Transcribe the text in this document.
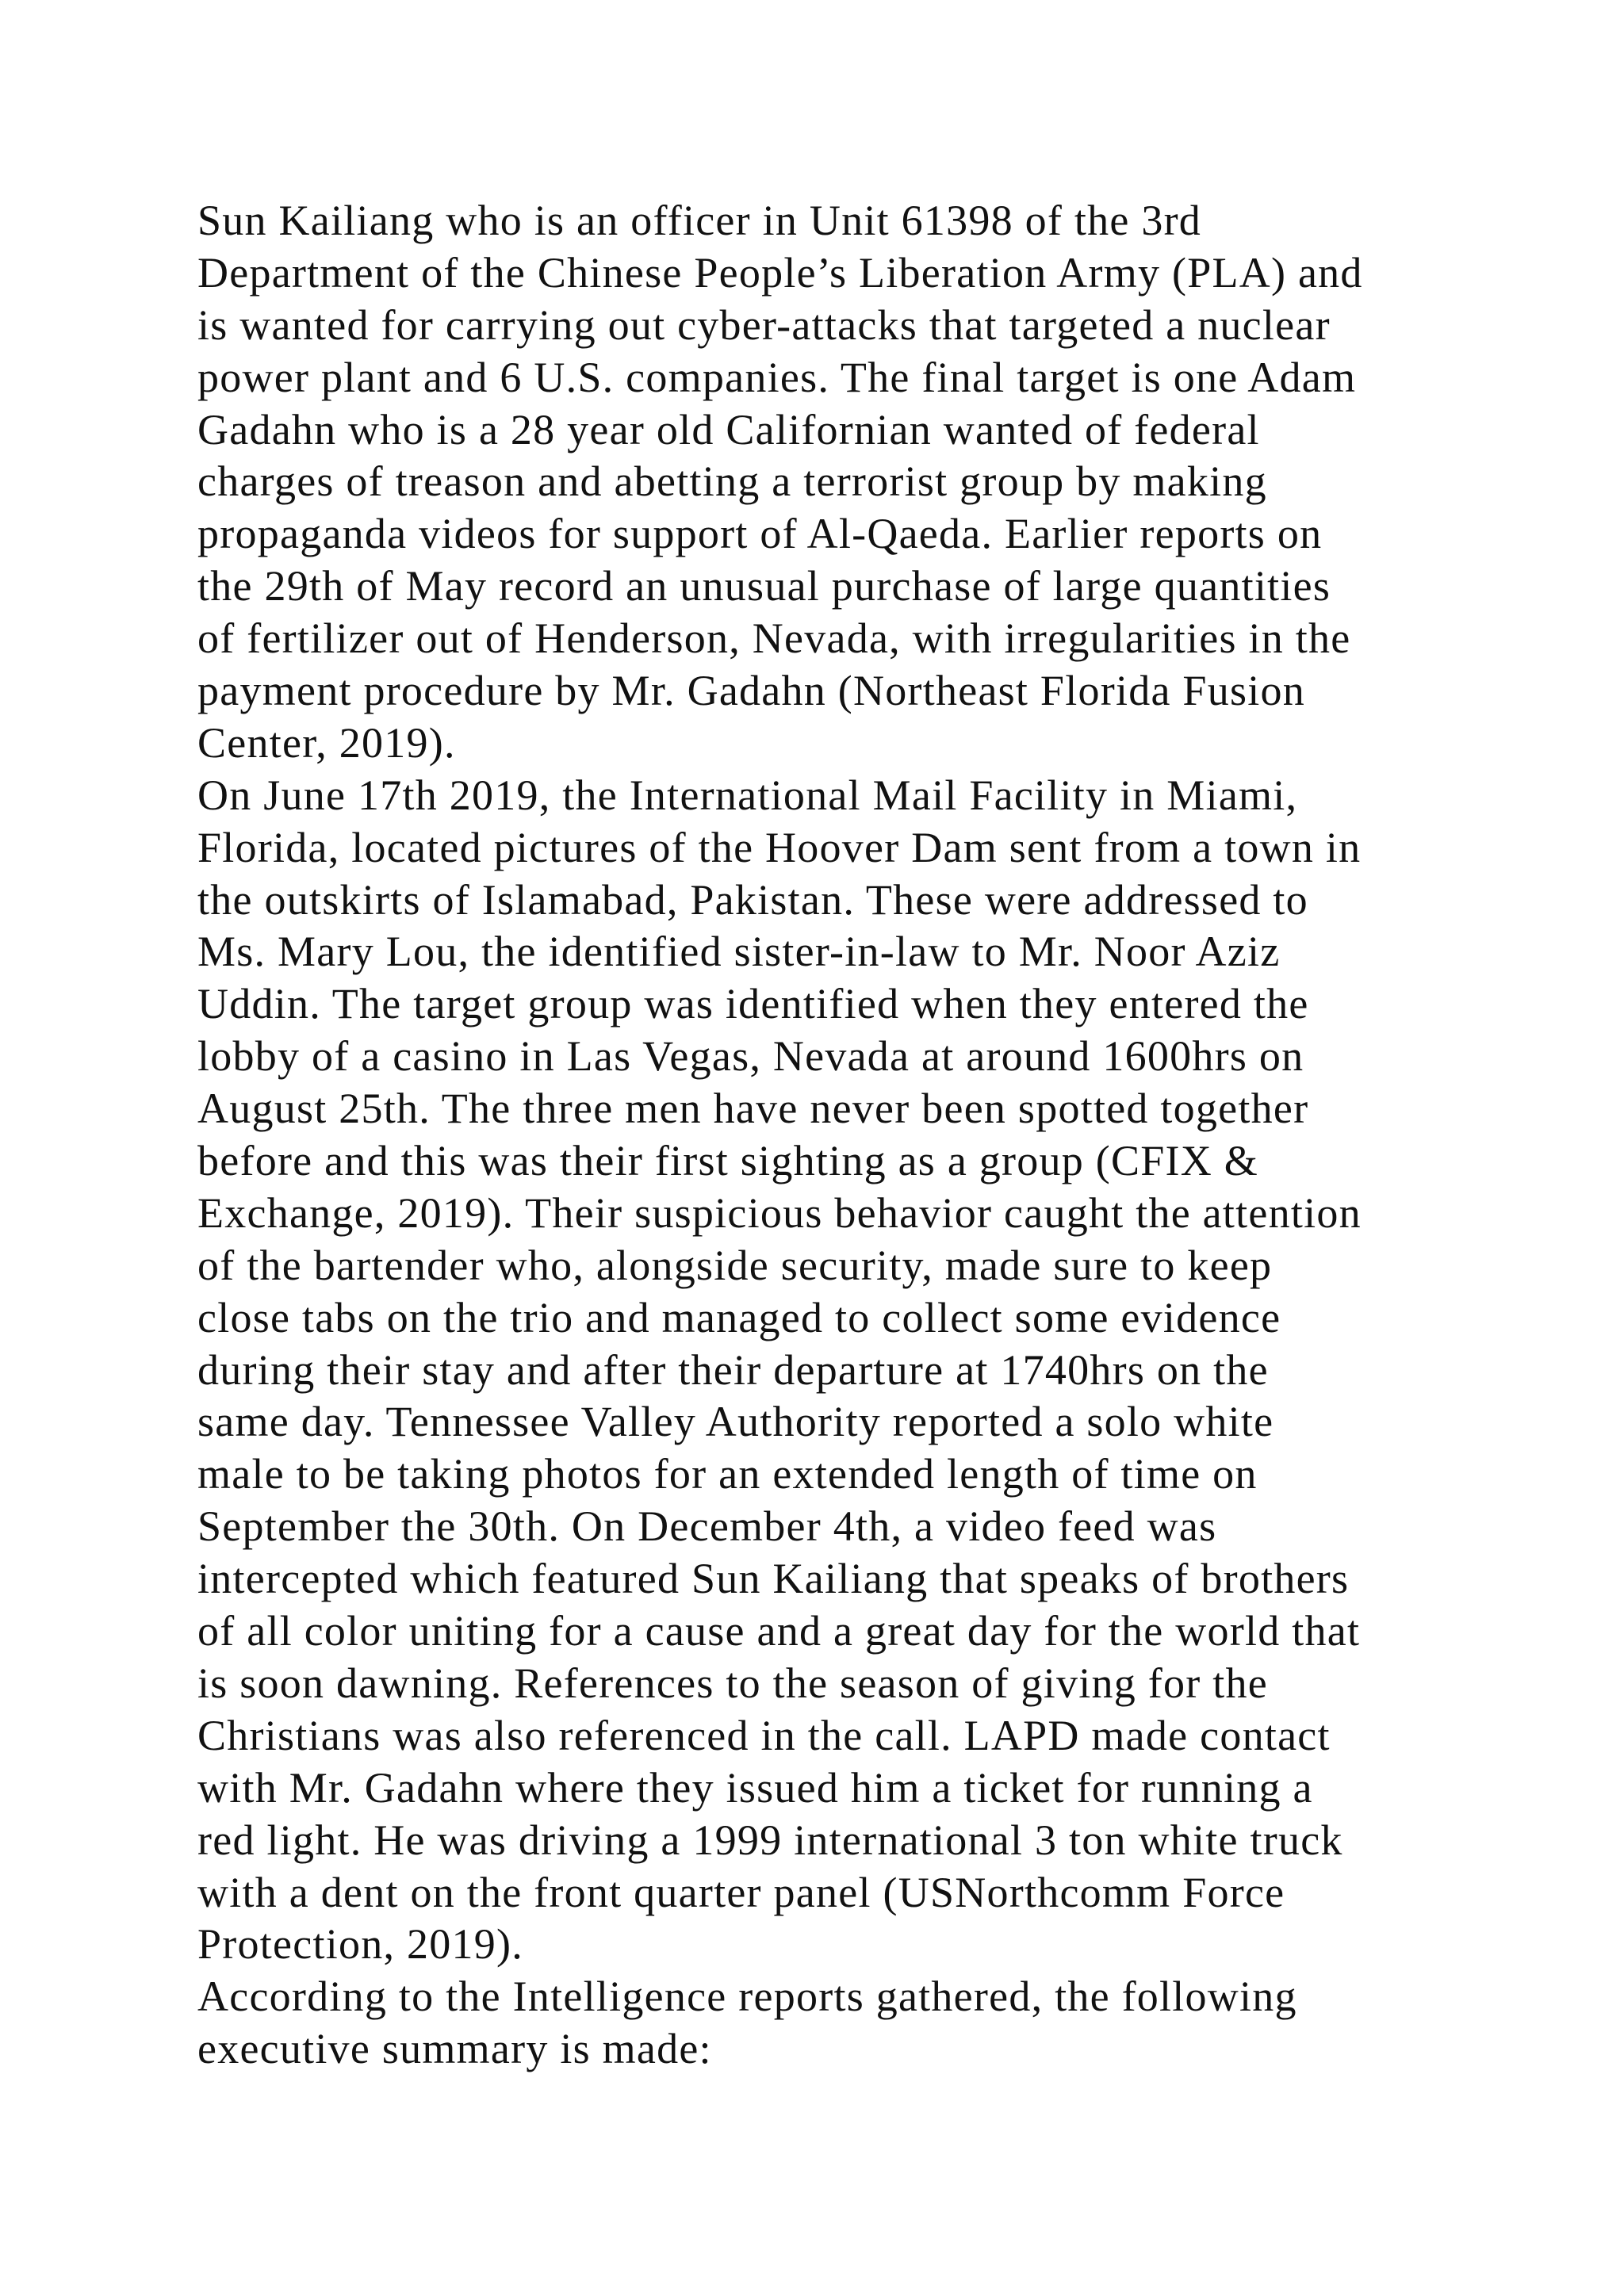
Sun Kailiang who is an officer in Unit 61398 of the 3rd
Department of the Chinese People’s Liberation Army (PLA) and
is wanted for carrying out cyber-attacks that targeted a nuclear
power plant and 6 U.S. companies. The final target is one Adam
Gadahn who is a 28 year old Californian wanted of federal
charges of treason and abetting a terrorist group by making
propaganda videos for support of Al-Qaeda. Earlier reports on
the 29th of May record an unusual purchase of large quantities
of fertilizer out of Henderson, Nevada, with irregularities in the
payment procedure by Mr. Gadahn (Northeast Florida Fusion
Center, 2019).
On June 17th 2019, the International Mail Facility in Miami,
Florida, located pictures of the Hoover Dam sent from a town in
the outskirts of Islamabad, Pakistan. These were addressed to
Ms. Mary Lou, the identified sister-in-law to Mr. Noor Aziz
Uddin. The target group was identified when they entered the
lobby of a casino in Las Vegas, Nevada at around 1600hrs on
August 25th. The three men have never been spotted together
before and this was their first sighting as a group (CFIX &
Exchange, 2019). Their suspicious behavior caught the attention
of the bartender who, alongside security, made sure to keep
close tabs on the trio and managed to collect some evidence
during their stay and after their departure at 1740hrs on the
same day. Tennessee Valley Authority reported a solo white
male to be taking photos for an extended length of time on
September the 30th. On December 4th, a video feed was
intercepted which featured Sun Kailiang that speaks of brothers
of all color uniting for a cause and a great day for the world that
is soon dawning. References to the season of giving for the
Christians was also referenced in the call. LAPD made contact
with Mr. Gadahn where they issued him a ticket for running a
red light. He was driving a 1999 international 3 ton white truck
with a dent on the front quarter panel (USNorthcomm Force
Protection, 2019).
According to the Intelligence reports gathered, the following
executive summary is made:
